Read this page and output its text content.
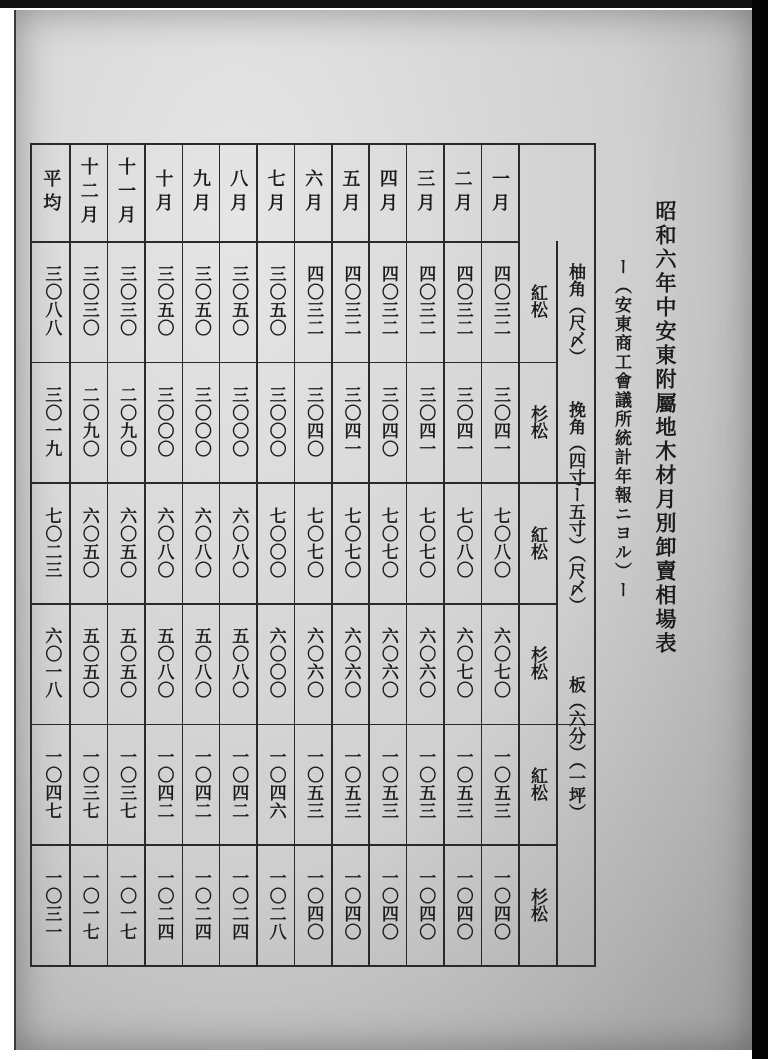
昭和六年中安東附屬地木材月別卸賣相場表
ー（安東商工會議所統計年報ニヨル）ー
一月
四〇三二
三〇四一
七〇八〇
六〇七〇
一〇五三
一〇四〇
二月
四〇三二
三〇四一
七〇八〇
六〇七〇
一〇五三
一〇四〇
三月
四〇三二
三〇四一
七〇七〇
六〇六〇
一〇五三
一〇四〇
四月
四〇三二
三〇四〇
七〇七〇
六〇六〇
一〇五三
一〇四〇
五月
四〇三二
三〇四一
七〇七〇
六〇六〇
一〇五三
一〇四〇
六月
四〇三二
三〇四〇
七〇七〇
六〇六〇
一〇五三
一〇四〇
七月
三〇五〇
三〇〇〇
七〇〇〇
六〇〇〇
一〇四六
一〇二八
八月
三〇五〇
三〇〇〇
六〇八〇
五〇八〇
一〇四二
一〇二四
九月
三〇五〇
三〇〇〇
六〇八〇
五〇八〇
一〇四二
一〇二四
十月
三〇五〇
三〇〇〇
六〇八〇
五〇八〇
一〇四二
一〇二四
十一月
三〇三〇
二〇九〇
六〇五〇
五〇五〇
一〇三七
一〇一七
十二月
三〇三〇
二〇九〇
六〇五〇
五〇五〇
一〇三七
一〇一七
平均
三〇八八
三〇一九
七〇二三
六〇一八
一〇四七
一〇三一
紅松
杉松
紅松
杉松
紅松
杉松
柚角（尺〆）
挽角（四寸ー五寸）（尺〆）
板（六分）（一坪）
